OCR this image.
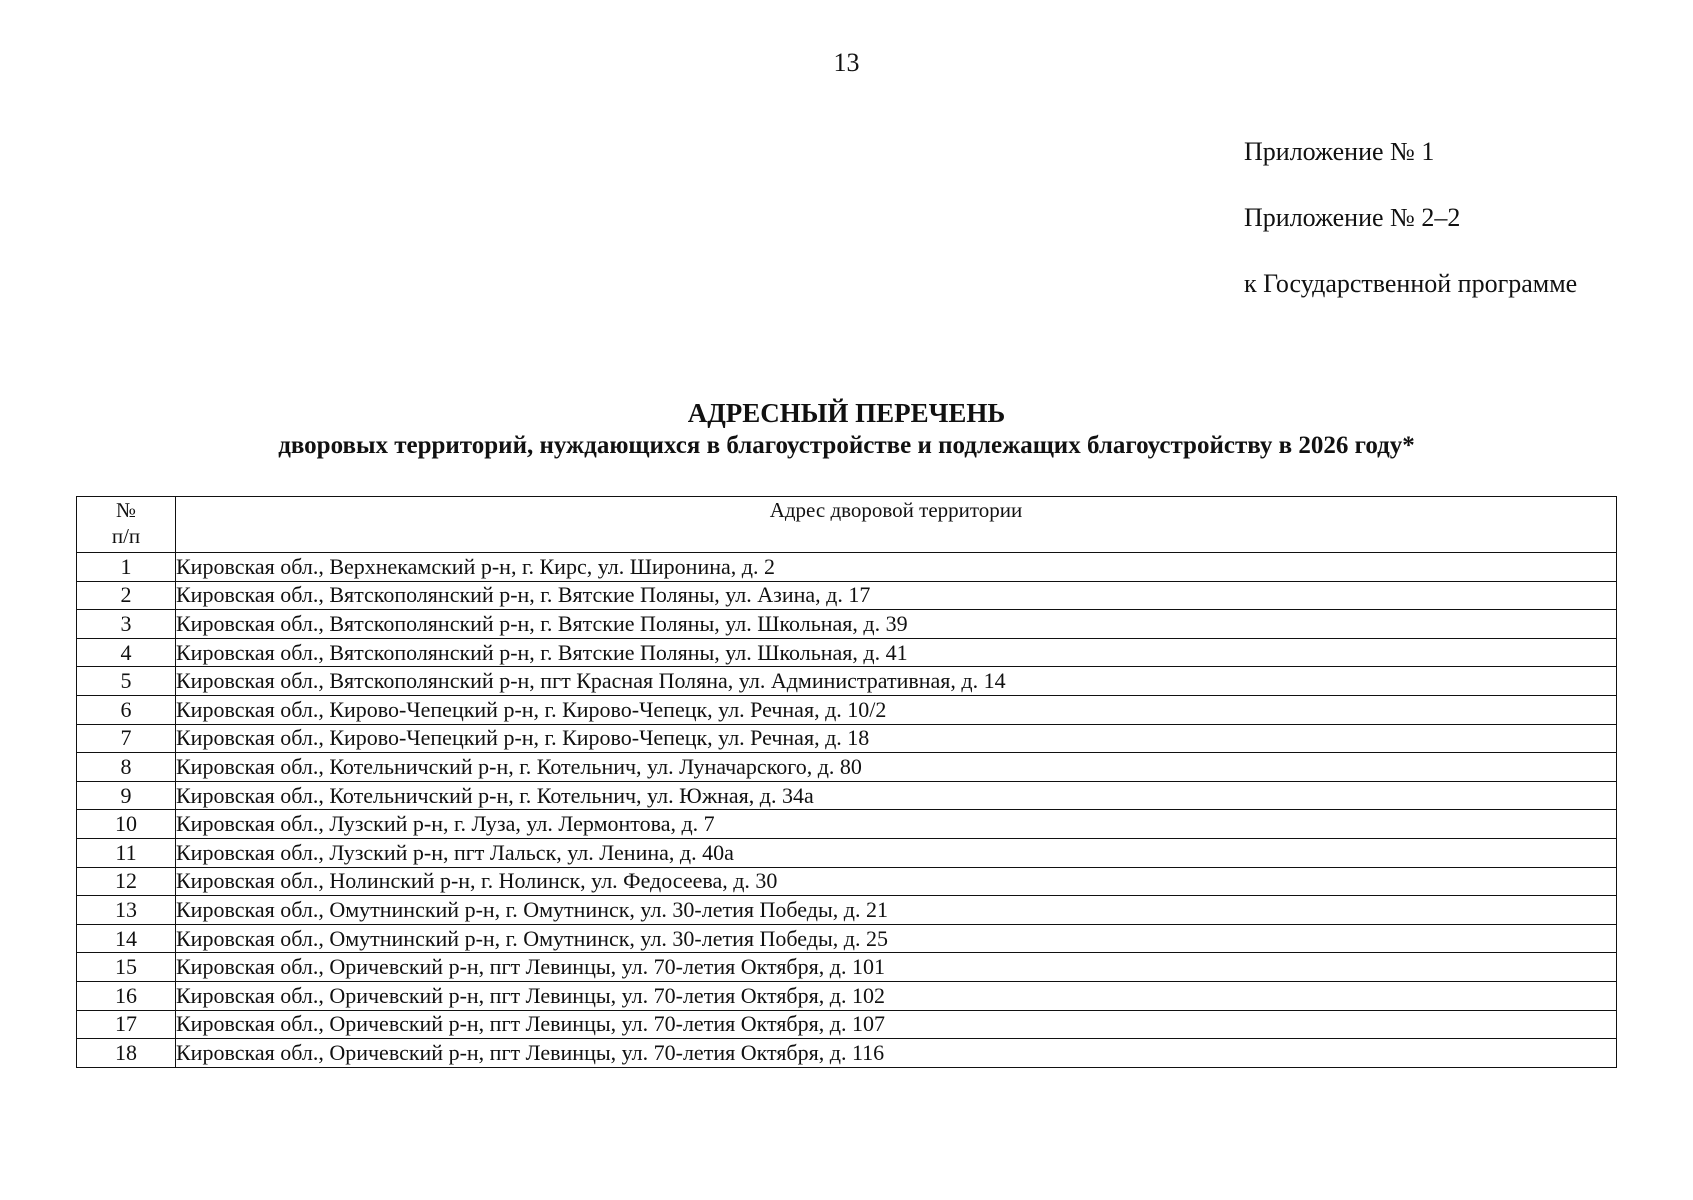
13
Приложение № 1
Приложение № 2–2
к Государственной программе
АДРЕСНЫЙ ПЕРЕЧЕНЬ
дворовых территорий, нуждающихся в благоустройстве и подлежащих благоустройству в 2026 году*
№
п/п	Адрес дворовой территории
1	Кировская обл., Верхнекамский р-н, г. Кирс, ул. Широнина, д. 2
2	Кировская обл., Вятскополянский р-н, г. Вятские Поляны, ул. Азина, д. 17
3	Кировская обл., Вятскополянский р-н, г. Вятские Поляны, ул. Школьная, д. 39
4	Кировская обл., Вятскополянский р-н, г. Вятские Поляны, ул. Школьная, д. 41
5	Кировская обл., Вятскополянский р-н, пгт Красная Поляна, ул. Административная, д. 14
6	Кировская обл., Кирово-Чепецкий р-н, г. Кирово-Чепецк, ул. Речная, д. 10/2
7	Кировская обл., Кирово-Чепецкий р-н, г. Кирово-Чепецк, ул. Речная, д. 18
8	Кировская обл., Котельничский р-н, г. Котельнич, ул. Луначарского, д. 80
9	Кировская обл., Котельничский р-н, г. Котельнич, ул. Южная, д. 34а
10	Кировская обл., Лузский р-н, г. Луза, ул. Лермонтова, д. 7
11	Кировская обл., Лузский р-н, пгт Лальск, ул. Ленина, д. 40а
12	Кировская обл., Нолинский р-н, г. Нолинск, ул. Федосеева, д. 30
13	Кировская обл., Омутнинский р-н, г. Омутнинск, ул. 30-летия Победы, д. 21
14	Кировская обл., Омутнинский р-н, г. Омутнинск, ул. 30-летия Победы, д. 25
15	Кировская обл., Оричевский р-н, пгт Левинцы, ул. 70-летия Октября, д. 101
16	Кировская обл., Оричевский р-н, пгт Левинцы, ул. 70-летия Октября, д. 102
17	Кировская обл., Оричевский р-н, пгт Левинцы, ул. 70-летия Октября, д. 107
18	Кировская обл., Оричевский р-н, пгт Левинцы, ул. 70-летия Октября, д. 116
